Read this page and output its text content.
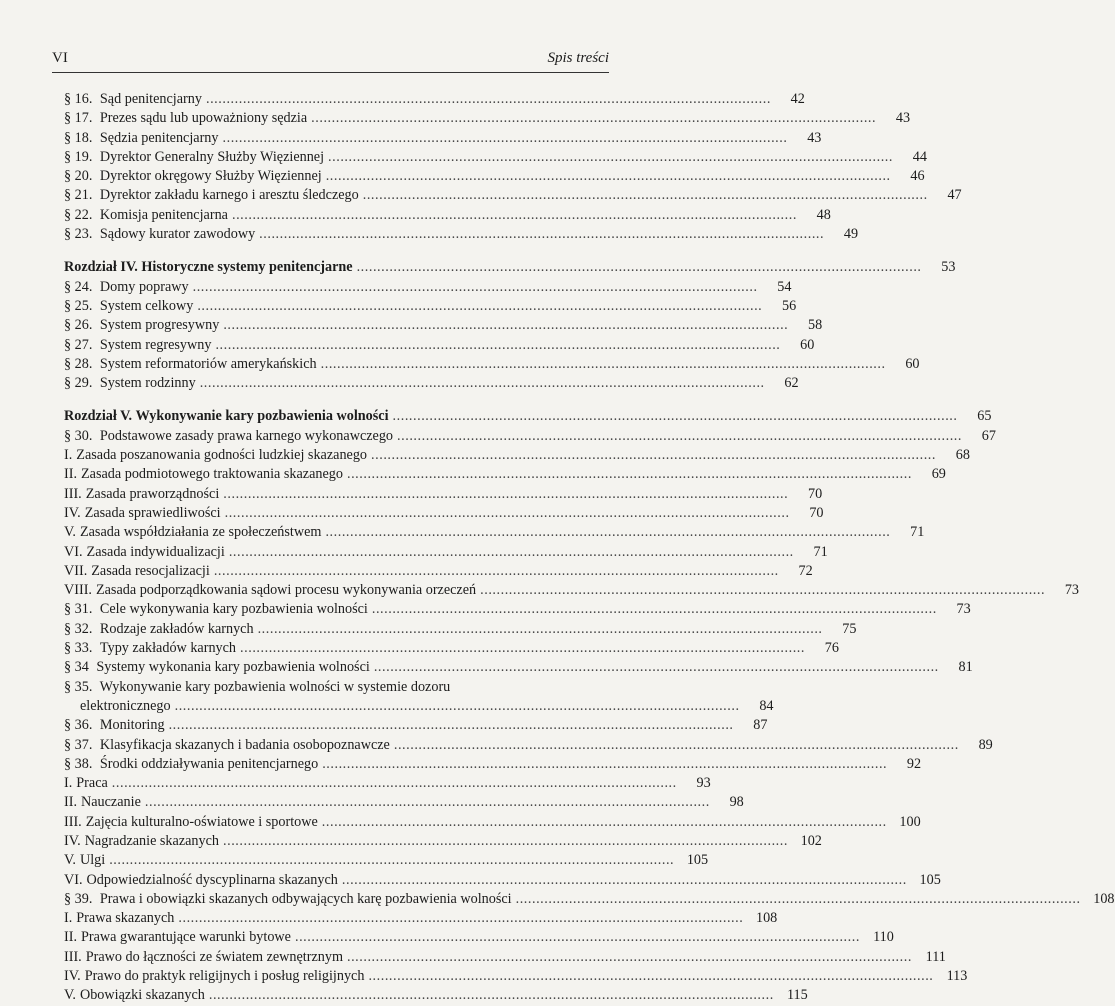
VI	Spis treści
§ 16.
Sąd penitencjarny . . .	42
§ 17.
Prezes sądu lub upoważniony sędzia . . .	43
§ 18.
Sędzia penitencjarny . . .	43
§ 19.
Dyrektor Generalny Służby Więziennej . . .	44
§ 20.
Dyrektor okręgowy Służby Więziennej . . .	46
§ 21.
Dyrektor zakładu karnego i aresztu śledczego . . .	47
§ 22.
Komisja penitencjarna . . .	48
§ 23.
Sądowy kurator zawodowy . . .	49
Rozdział IV.
Historyczne systemy penitencjarne . . .	53
§ 24.
Domy poprawy . . .	54
§ 25.
System celkowy . . .	56
§ 26.
System progresywny . . .	58
§ 27.
System regresywny . . .	60
§ 28.
System reformatoriów amerykańskich . . .	60
§ 29.
System rodzinny . . .	62
Rozdział V.
Wykonywanie kary pozbawienia wolności . . .	65
§ 30.
Podstawowe zasady prawa karnego wykonawczego . . .	67
I. Zasada poszanowania godności ludzkiej skazanego . . .	68
II. Zasada podmiotowego traktowania skazanego . . .	69
III. Zasada praworządności . . .	70
IV. Zasada sprawiedliwości . . .	70
V. Zasada współdziałania ze społeczeństwem . . .	71
VI. Zasada indywidualizacji . . .	71
VII. Zasada resocjalizacji . . .	72
VIII. Zasada podporządkowania sądowi procesu wykonywania orzeczeń . . .	73
§ 31.
Cele wykonywania kary pozbawienia wolności . . .	73
§ 32.
Rodzaje zakładów karnych . . .	75
§ 33.
Typy zakładów karnych . . .	76
§ 34
Systemy wykonania kary pozbawienia wolności . . .	81
§ 35. Wykonywanie kary pozbawienia wolności w systemie dozoru
elektronicznego . . .	84
§ 36.
Monitoring . . .	87
§ 37.
Klasyfikacja skazanych i badania osobopoznawcze . . .	89
§ 38.
Środki oddziaływania penitencjarnego . . .	92
I. Praca . . .	93
II. Nauczanie . . .	98
III. Zajęcia kulturalno-oświatowe i sportowe . . .	100
IV. Nagradzanie skazanych . . .	102
V. Ulgi . . .	105
VI. Odpowiedzialność dyscyplinarna skazanych . . .	105
§ 39.
Prawa i obowiązki skazanych odbywających karę pozbawienia wolności . . .	108
I. Prawa skazanych . . .	108
II. Prawa gwarantujące warunki bytowe . . .	110
III. Prawo do łączności ze światem zewnętrznym . . .	111
IV. Prawo do praktyk religijnych i posług religijnych . . .	113
V. Obowiązki skazanych . . .	115
